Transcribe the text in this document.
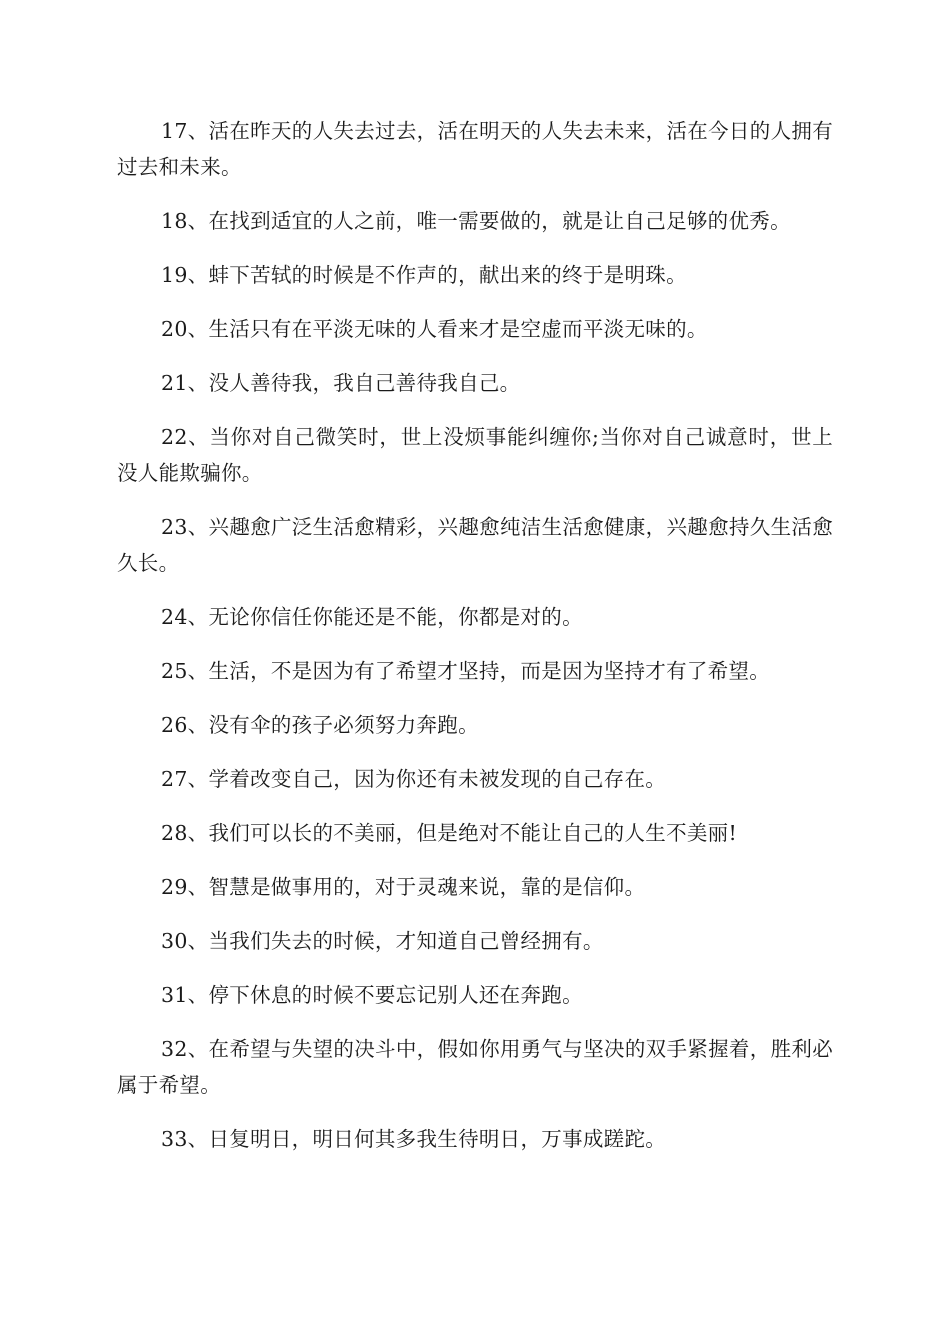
17、活在昨天的人失去过去，活在明天的人失去未来，活在今日的人拥有过去和未来。

18、在找到适宜的人之前，唯一需要做的，就是让自己足够的优秀。

19、蚌下苦轼的时候是不作声的，献出来的终于是明珠。

20、生活只有在平淡无味的人看来才是空虚而平淡无味的。

21、没人善待我，我自己善待我自己。

22、当你对自己微笑时，世上没烦事能纠缠你;当你对自己诚意时，世上没人能欺骗你。

23、兴趣愈广泛生活愈精彩，兴趣愈纯洁生活愈健康，兴趣愈持久生活愈久长。

24、无论你信任你能还是不能，你都是对的。

25、生活，不是因为有了希望才坚持，而是因为坚持才有了希望。

26、没有伞的孩子必须努力奔跑。

27、学着改变自己，因为你还有未被发现的自己存在。

28、我们可以长的不美丽，但是绝对不能让自己的人生不美丽!

29、智慧是做事用的，对于灵魂来说，靠的是信仰。

30、当我们失去的时候，才知道自己曾经拥有。

31、停下休息的时候不要忘记别人还在奔跑。

32、在希望与失望的决斗中，假如你用勇气与坚决的双手紧握着，胜利必属于希望。

33、日复明日，明日何其多我生待明日，万事成蹉跎。
